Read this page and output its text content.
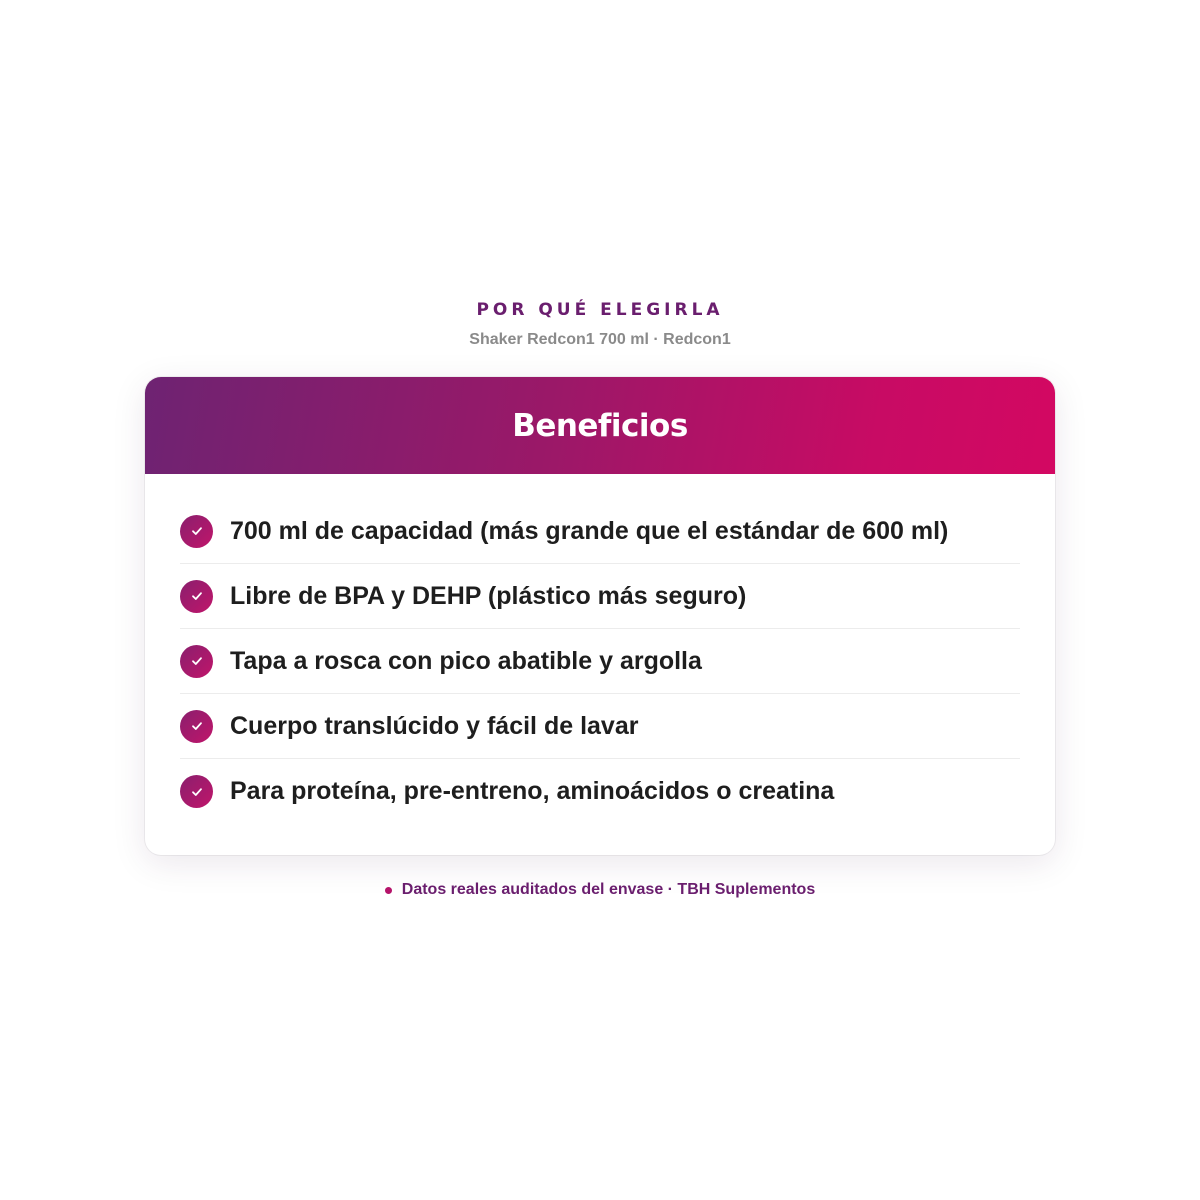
POR QUÉ ELEGIRLA
Shaker Redcon1 700 ml · Redcon1
Beneficios
700 ml de capacidad (más grande que el estándar de 600 ml)
Libre de BPA y DEHP (plástico más seguro)
Tapa a rosca con pico abatible y argolla
Cuerpo translúcido y fácil de lavar
Para proteína, pre-entreno, aminoácidos o creatina
Datos reales auditados del envase · TBH Suplementos
